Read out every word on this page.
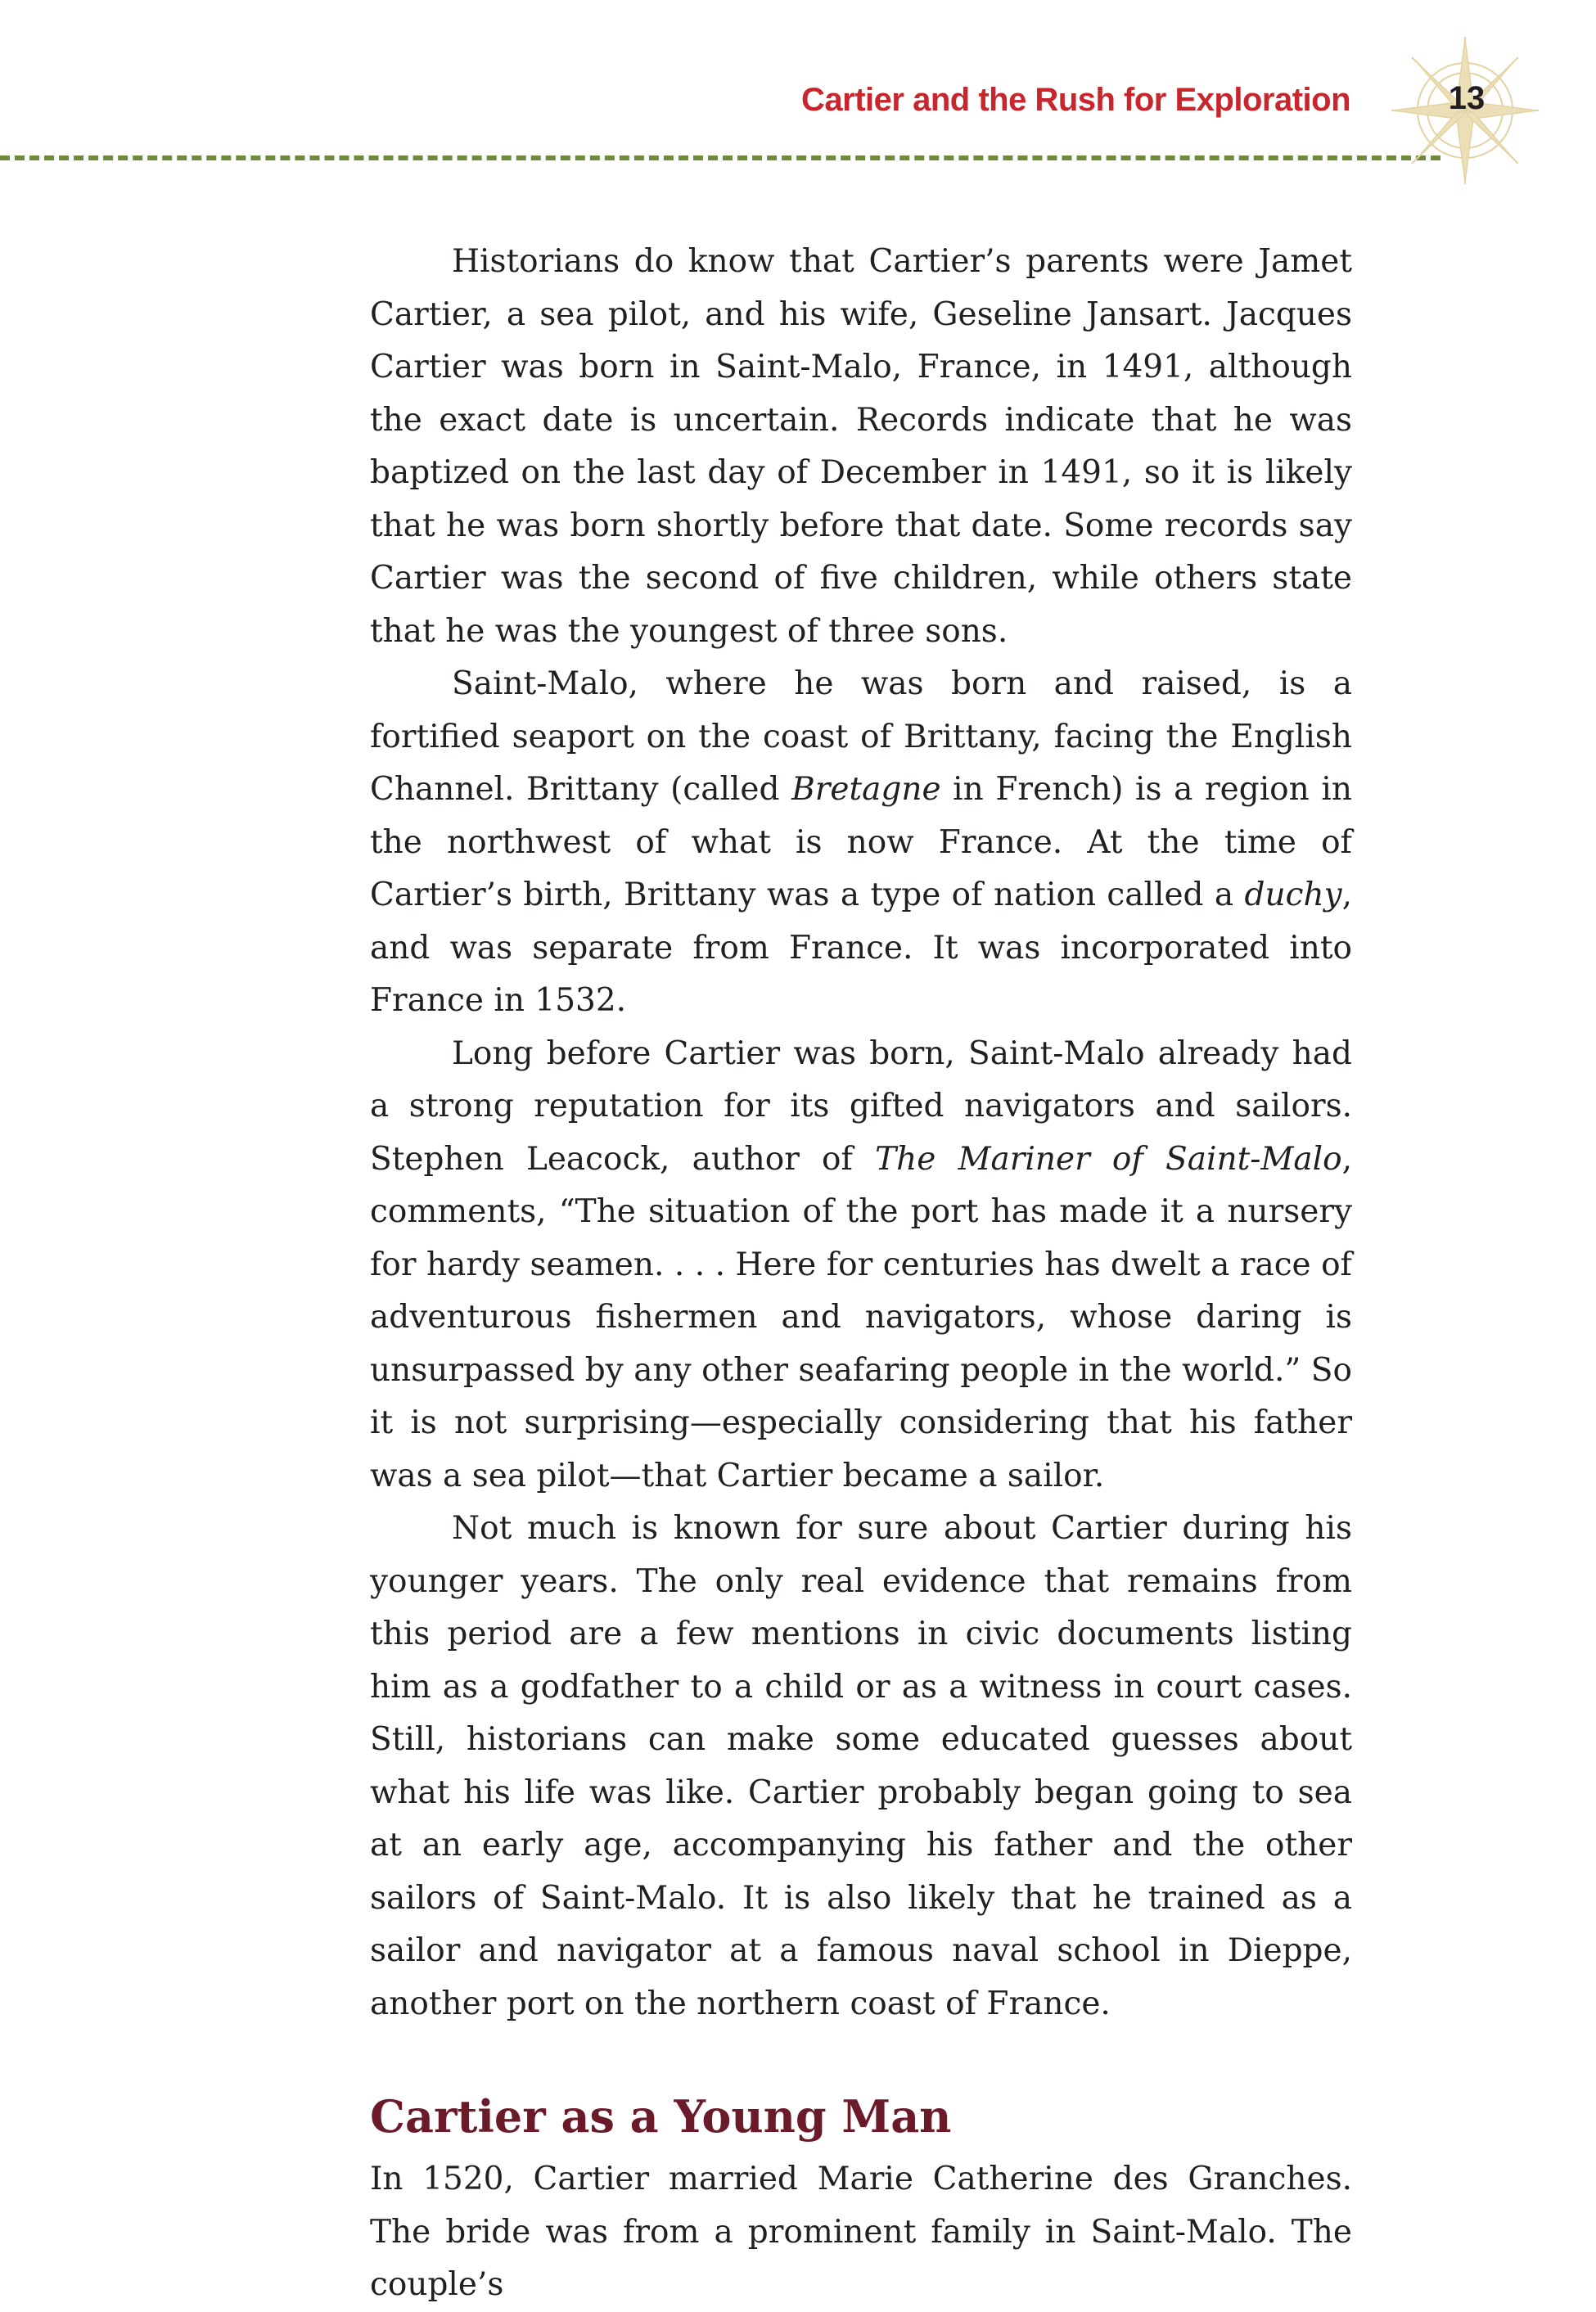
Cartier and the Rush for Exploration	13

Historians do know that Cartier’s parents were Jamet Cartier, a sea pilot, and his wife, Geseline Jansart. Jacques Cartier was born in Saint-Malo, France, in 1491, although the exact date is uncertain. Records indicate that he was baptized on the last day of December in 1491, so it is likely that he was born shortly before that date. Some records say Cartier was the second of five children, while others state that he was the youngest of three sons.

Saint-Malo, where he was born and raised, is a fortified seaport on the coast of Brittany, facing the English Channel. Brittany (called Bretagne in French) is a region in the northwest of what is now France. At the time of Cartier’s birth, Brittany was a type of nation called a duchy, and was separate from France. It was incorporated into France in 1532.

Long before Cartier was born, Saint-Malo already had a strong reputation for its gifted navigators and sailors. Stephen Leacock, author of The Mariner of Saint-Malo, comments, “The situation of the port has made it a nursery for hardy seamen. . . . Here for centuries has dwelt a race of adventurous fishermen and navigators, whose daring is unsurpassed by any other seafaring people in the world.” So it is not surprising—especially considering that his father was a sea pilot—that Cartier became a sailor.

Not much is known for sure about Cartier during his younger years. The only real evidence that remains from this period are a few mentions in civic documents listing him as a godfather to a child or as a witness in court cases. Still, historians can make some educated guesses about what his life was like. Cartier probably began going to sea at an early age, accompanying his father and the other sailors of Saint-Malo. It is also likely that he trained as a sailor and navigator at a famous naval school in Dieppe, another port on the northern coast of France.

Cartier as a Young Man

In 1520, Cartier married Marie Catherine des Granches. The bride was from a prominent family in Saint-Malo. The couple’s
